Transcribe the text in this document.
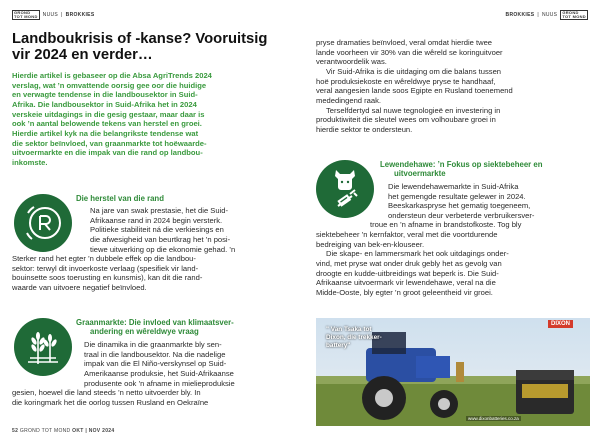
GROND
TOT MOND NUUS | BROKKIES	BROKKIES | NUUS GROND
TOT MOND
Landboukrisis of -kanse? Vooruitsig
vir 2024 en verder…
Hierdie artikel is gebaseer op die Absa AgriTrends 2024
verslag, wat ’n omvattende oorsig gee oor die huidige
en verwagte tendense in die landbousektor in Suid-
Afrika. Die landbousektor in Suid-Afrika het in 2024
verskeie uitdagings in die gesig gestaar, maar daar is
ook ’n aantal belowende tekens van herstel en groei.
Hierdie artikel kyk na die belangrikste tendense wat
die sektor beïnvloed, van graanmarkte tot hoëwaarde-
uitvoermarkte en die impak van die rand op landbou-
inkomste.
Die herstel van die rand
Na jare van swak prestasie, het die Suid-
Afrikaanse rand in 2024 begin versterk.
Politieke stabiliteit ná die verkiesings en
die afwesigheid van beurtkrag het ’n posi-
tiewe uitwerking op die ekonomie gehad. ’n
Sterker rand het egter ’n dubbele effek op die landbou-
sektor: terwyl dit invoerkoste verlaag (spesifiek vir land-
bouinsette soos toerusting en kunsmis), kan dit die rand-
waarde van uitvoere negatief beïnvloed.
Graanmarkte: Die invloed van klimaatsver-
andering en wêreldwye vraag
Die dinamika in die graanmarkte bly sen-
traal in die landbousektor. Na die nadelige
impak van die El Niño-verskynsel op Suid-
Amerikaanse produksie, het Suid-Afrikaanse
produsente ook ’n afname in mielieproduksie
gesien, hoewel die land steeds ’n netto uitvoerder bly. In
die koringmark het die oorlog tussen Rusland en Oekraïne
pryse dramaties beïnvloed, veral omdat hierdie twee
lande voorheen vir 30% van die wêreld se koringuitvoer
verantwoordelik was.
Vir Suid-Afrika is die uitdaging om die balans tussen
hoë produksiekoste en wêreldwye pryse te handhaaf,
veral aangesien lande soos Egipte en Rusland toenemend
mededingend raak.
Terselfdertyd sal nuwe tegnologieë en investering in
produktiwiteit die sleutel wees om volhoubare groei in
hierdie sektor te ondersteun.
Lewendehawe: ’n Fokus op siektebeheer en
uitvoermarkte
Die lewendehawemarkte in Suid-Afrika
het gemengde resultate gelewer in 2024.
Beeskarkaspryse het gematig toegeneem,
ondersteun deur verbeterde verbruikersver-
troue en ’n afname in brandstofkoste. Tog bly
siektebeheer ’n kernfaktor, veral met die voortdurende
bedreiging van bek-en-klouseer.
Die skape- en lammersmark het ook uitdagings onder-
vind, met pryse wat onder druk gebly het as gevolg van
droogte en kudde-uitbreidings wat beperk is. Die Suid-
Afrikaanse uitvoermark vir lewendehawe, veral na die
Midde-Ooste, bly egter ’n groot geleentheid vir groei.
" Van Tsaka tot
Dixon, die trekker-
battery"
DIXON
www.dixonbatteries.co.za
52 GROND TOT MOND OKT | NOV 2024
